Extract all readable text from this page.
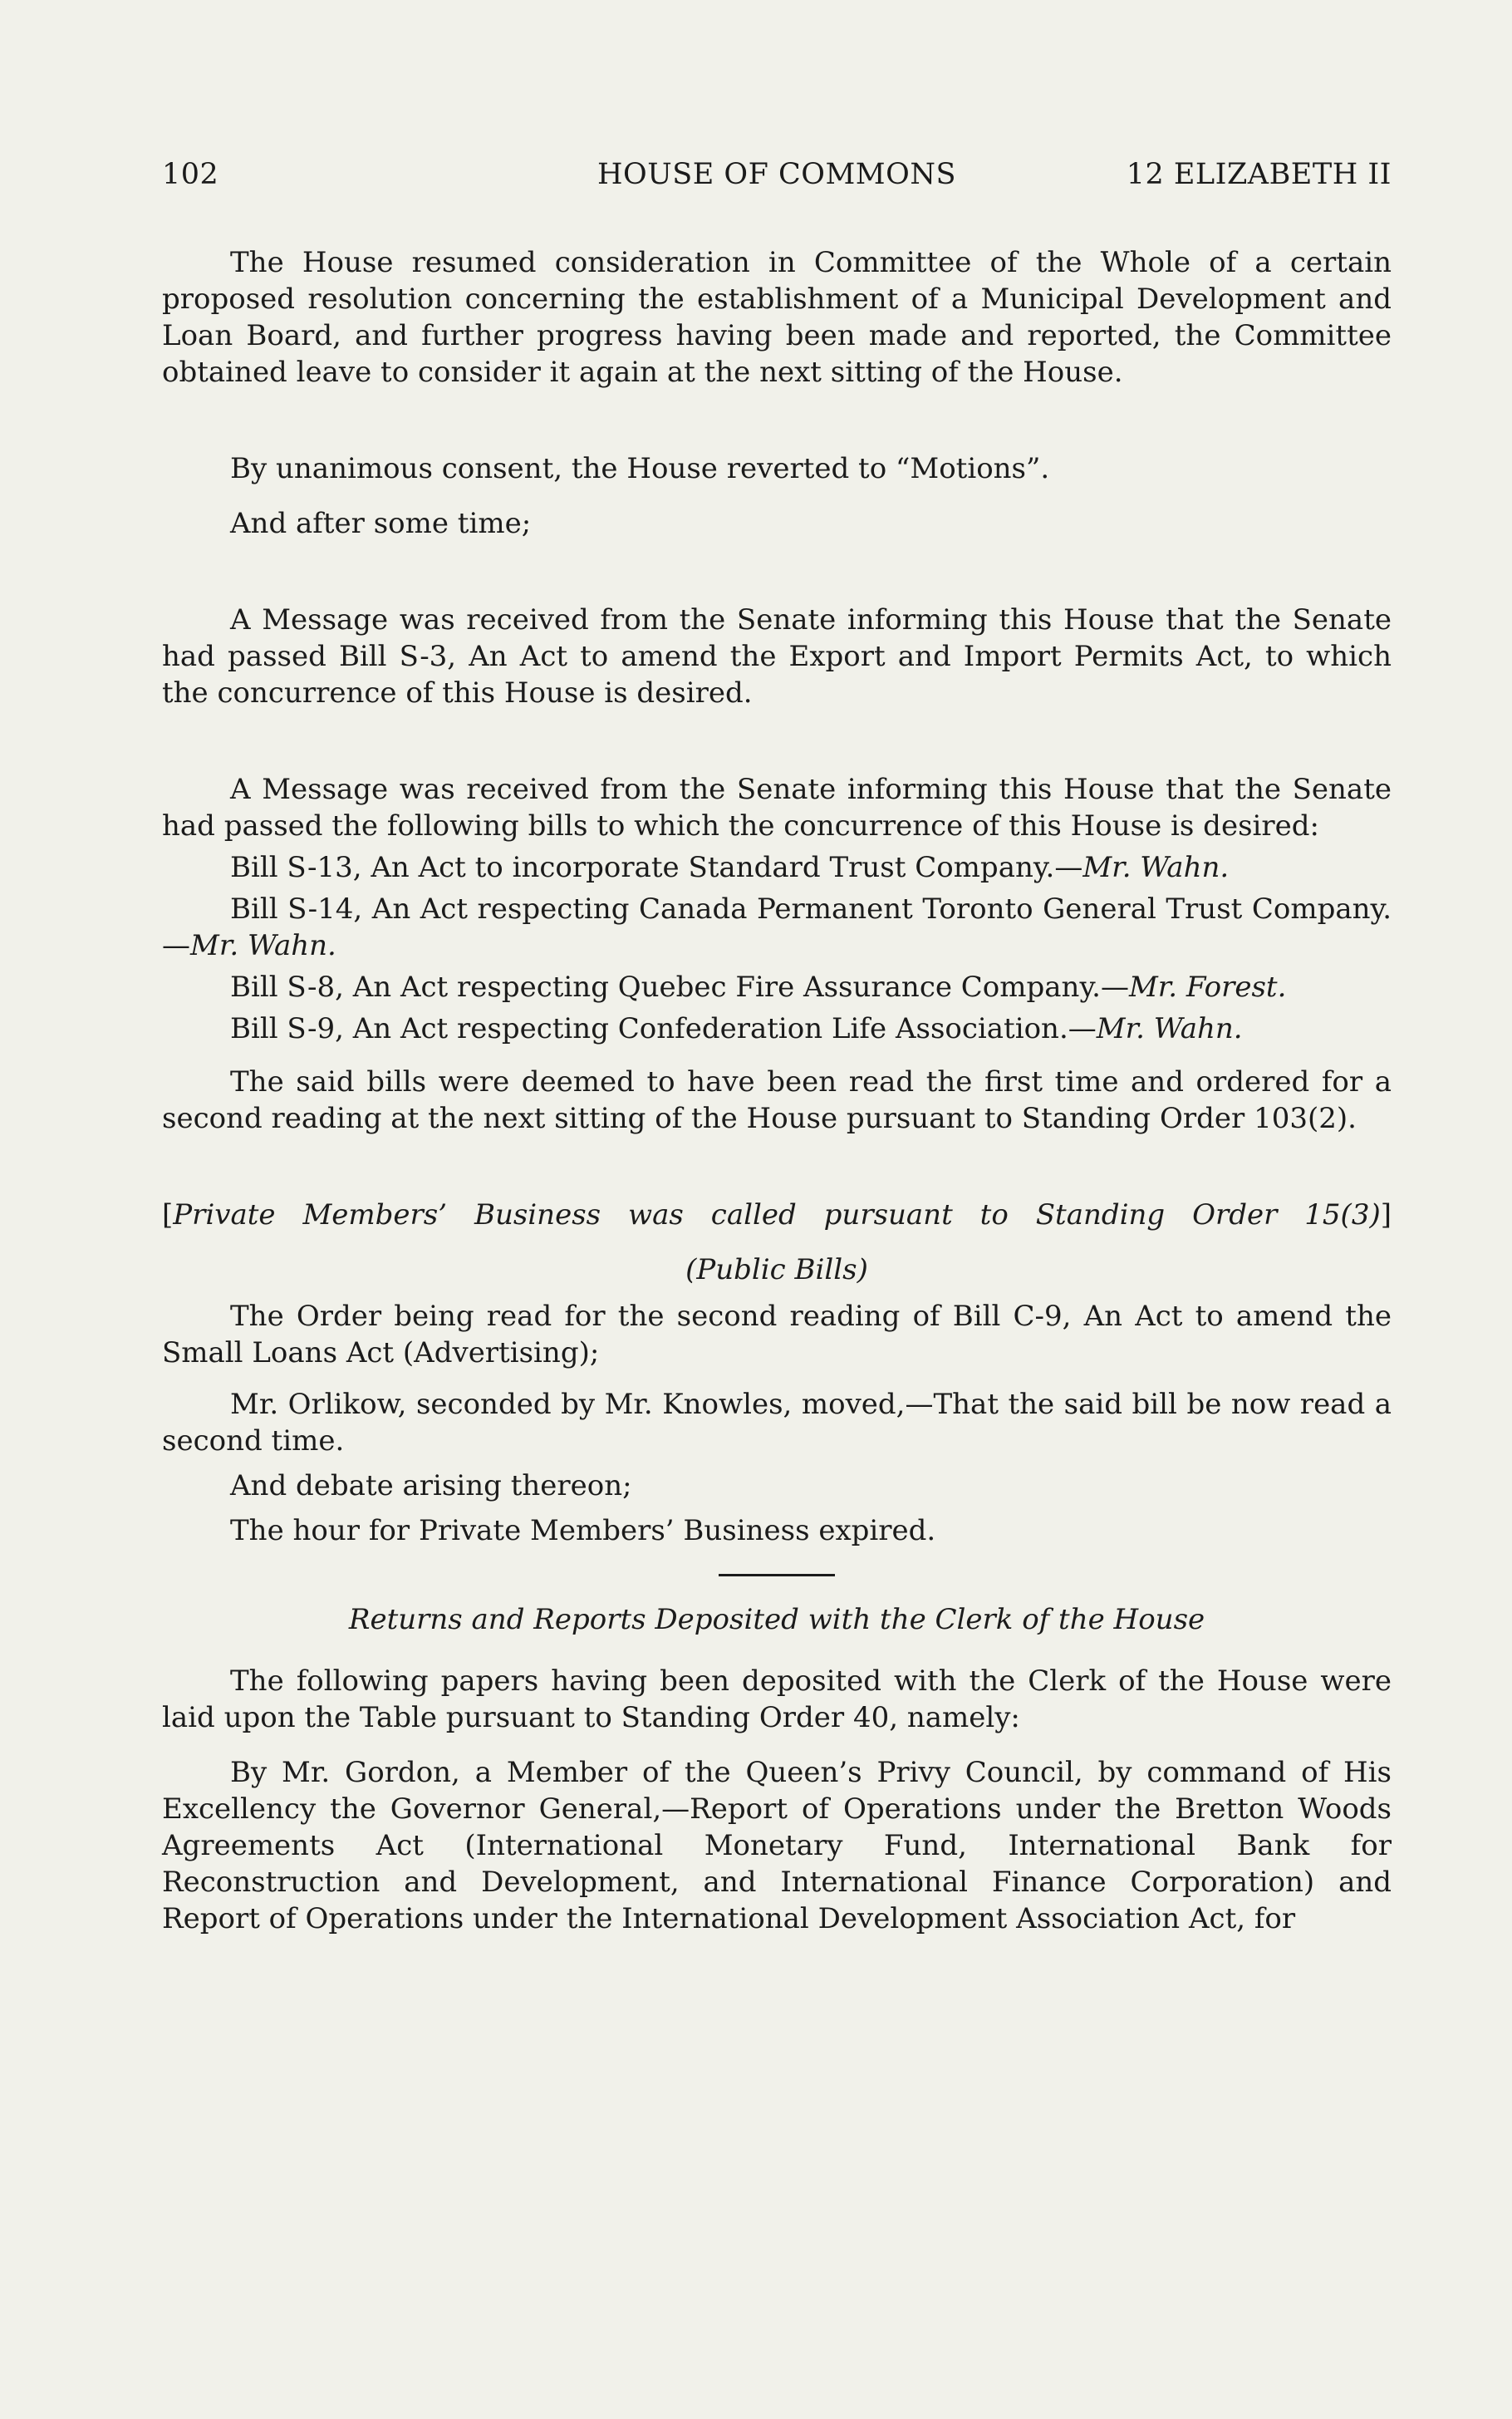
102	HOUSE OF COMMONS	12 ELIZABETH II

The House resumed consideration in Committee of the Whole of a certain proposed resolution concerning the establishment of a Municipal Development and Loan Board, and further progress having been made and reported, the Committee obtained leave to consider it again at the next sitting of the House.

By unanimous consent, the House reverted to “Motions”.

And after some time;

A Message was received from the Senate informing this House that the Senate had passed Bill S-3, An Act to amend the Export and Import Permits Act, to which the concurrence of this House is desired.

A Message was received from the Senate informing this House that the Senate had passed the following bills to which the concurrence of this House is desired:

Bill S-13, An Act to incorporate Standard Trust Company.—Mr. Wahn.

Bill S-14, An Act respecting Canada Permanent Toronto General Trust Company.—Mr. Wahn.

Bill S-8, An Act respecting Quebec Fire Assurance Company.—Mr. Forest.

Bill S-9, An Act respecting Confederation Life Association.—Mr. Wahn.

The said bills were deemed to have been read the first time and ordered for a second reading at the next sitting of the House pursuant to Standing Order 103(2).

[Private Members’ Business was called pursuant to Standing Order 15(3)]

(Public Bills)

The Order being read for the second reading of Bill C-9, An Act to amend the Small Loans Act (Advertising);

Mr. Orlikow, seconded by Mr. Knowles, moved,—That the said bill be now read a second time.

And debate arising thereon;

The hour for Private Members’ Business expired.

Returns and Reports Deposited with the Clerk of the House

The following papers having been deposited with the Clerk of the House were laid upon the Table pursuant to Standing Order 40, namely:

By Mr. Gordon, a Member of the Queen’s Privy Council, by command of His Excellency the Governor General,—Report of Operations under the Bretton Woods Agreements Act (International Monetary Fund, International Bank for Reconstruction and Development, and International Finance Corporation) and Report of Operations under the International Development Association Act, for
